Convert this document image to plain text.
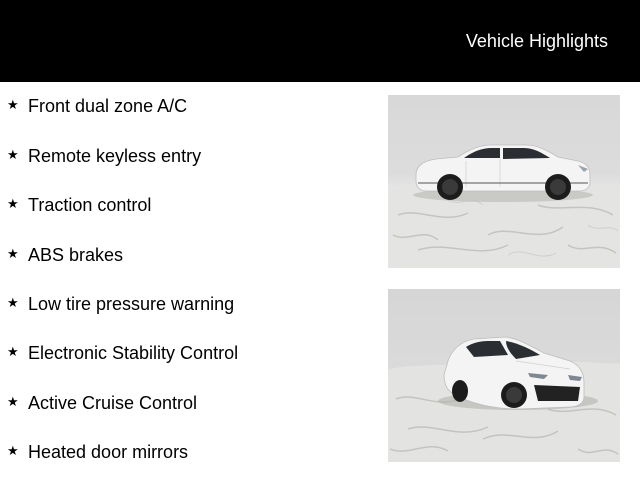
Vehicle Highlights
★ Front dual zone A/C
★ Remote keyless entry
★ Traction control
★ ABS brakes
★ Low tire pressure warning
★ Electronic Stability Control
★ Active Cruise Control
★ Heated door mirrors
